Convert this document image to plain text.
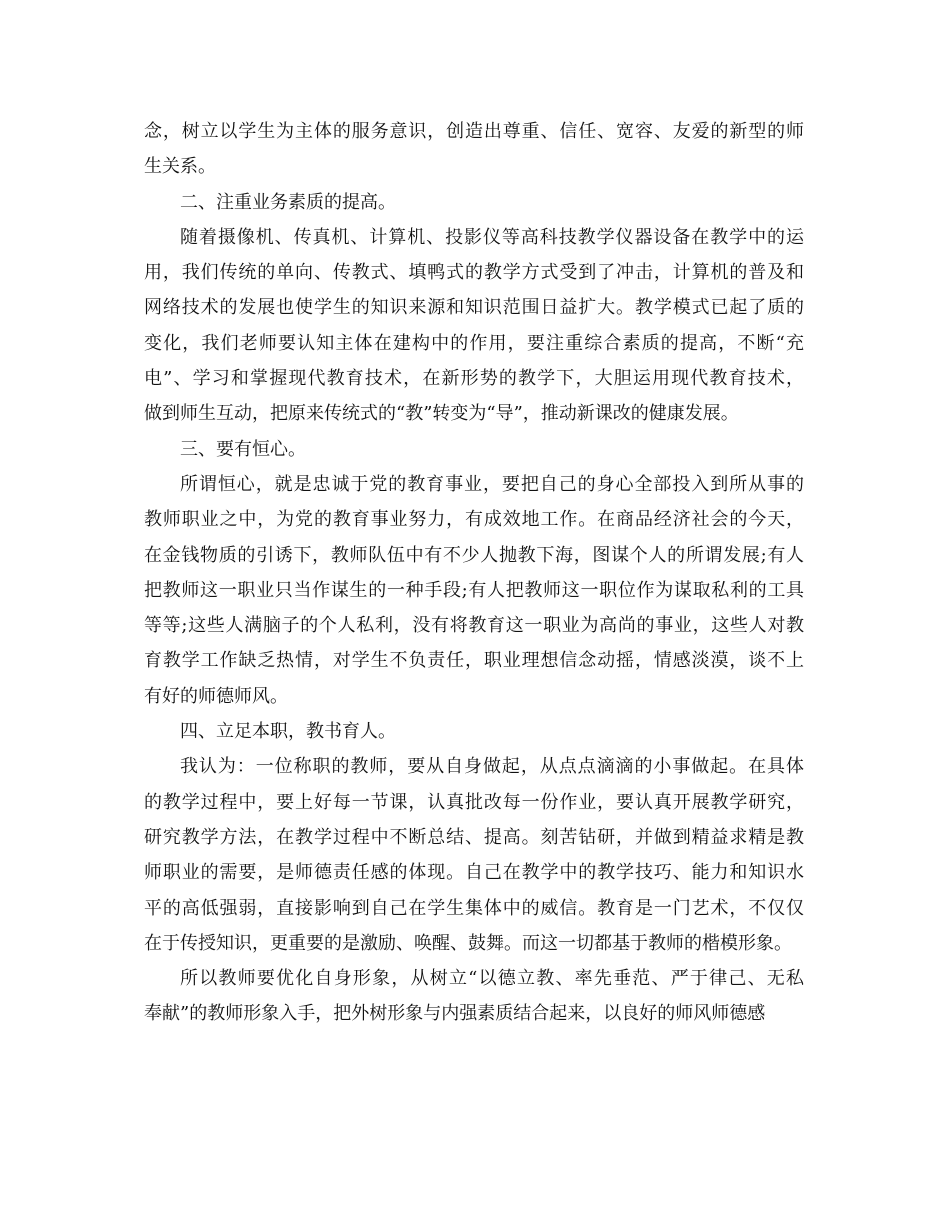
念，树立以学生为主体的服务意识，创造出尊重、信任、宽容、友爱的新型的师
生关系。
二、注重业务素质的提高。
随着摄像机、传真机、计算机、投影仪等高科技教学仪器设备在教学中的运
用，我们传统的单向、传教式、填鸭式的教学方式受到了冲击，计算机的普及和
网络技术的发展也使学生的知识来源和知识范围日益扩大。教学模式已起了质的
变化，我们老师要认知主体在建构中的作用，要注重综合素质的提高，不断“充
电”、学习和掌握现代教育技术，在新形势的教学下，大胆运用现代教育技术，
做到师生互动，把原来传统式的“教”转变为“导”，推动新课改的健康发展。
三、要有恒心。
所谓恒心，就是忠诚于党的教育事业，要把自己的身心全部投入到所从事的
教师职业之中，为党的教育事业努力，有成效地工作。在商品经济社会的今天，
在金钱物质的引诱下，教师队伍中有不少人抛教下海，图谋个人的所谓发展;有人
把教师这一职业只当作谋生的一种手段;有人把教师这一职位作为谋取私利的工具
等等;这些人满脑子的个人私利，没有将教育这一职业为高尚的事业，这些人对教
育教学工作缺乏热情，对学生不负责任，职业理想信念动摇，情感淡漠，谈不上
有好的师德师风。
四、立足本职，教书育人。
我认为：一位称职的教师，要从自身做起，从点点滴滴的小事做起。在具体
的教学过程中，要上好每一节课，认真批改每一份作业，要认真开展教学研究，
研究教学方法，在教学过程中不断总结、提高。刻苦钻研，并做到精益求精是教
师职业的需要，是师德责任感的体现。自己在教学中的教学技巧、能力和知识水
平的高低强弱，直接影响到自己在学生集体中的威信。教育是一门艺术，不仅仅
在于传授知识，更重要的是激励、唤醒、鼓舞。而这一切都基于教师的楷模形象。
所以教师要优化自身形象，从树立“以德立教、率先垂范、严于律己、无私
奉献”的教师形象入手，把外树形象与内强素质结合起来，以良好的师风师德感
